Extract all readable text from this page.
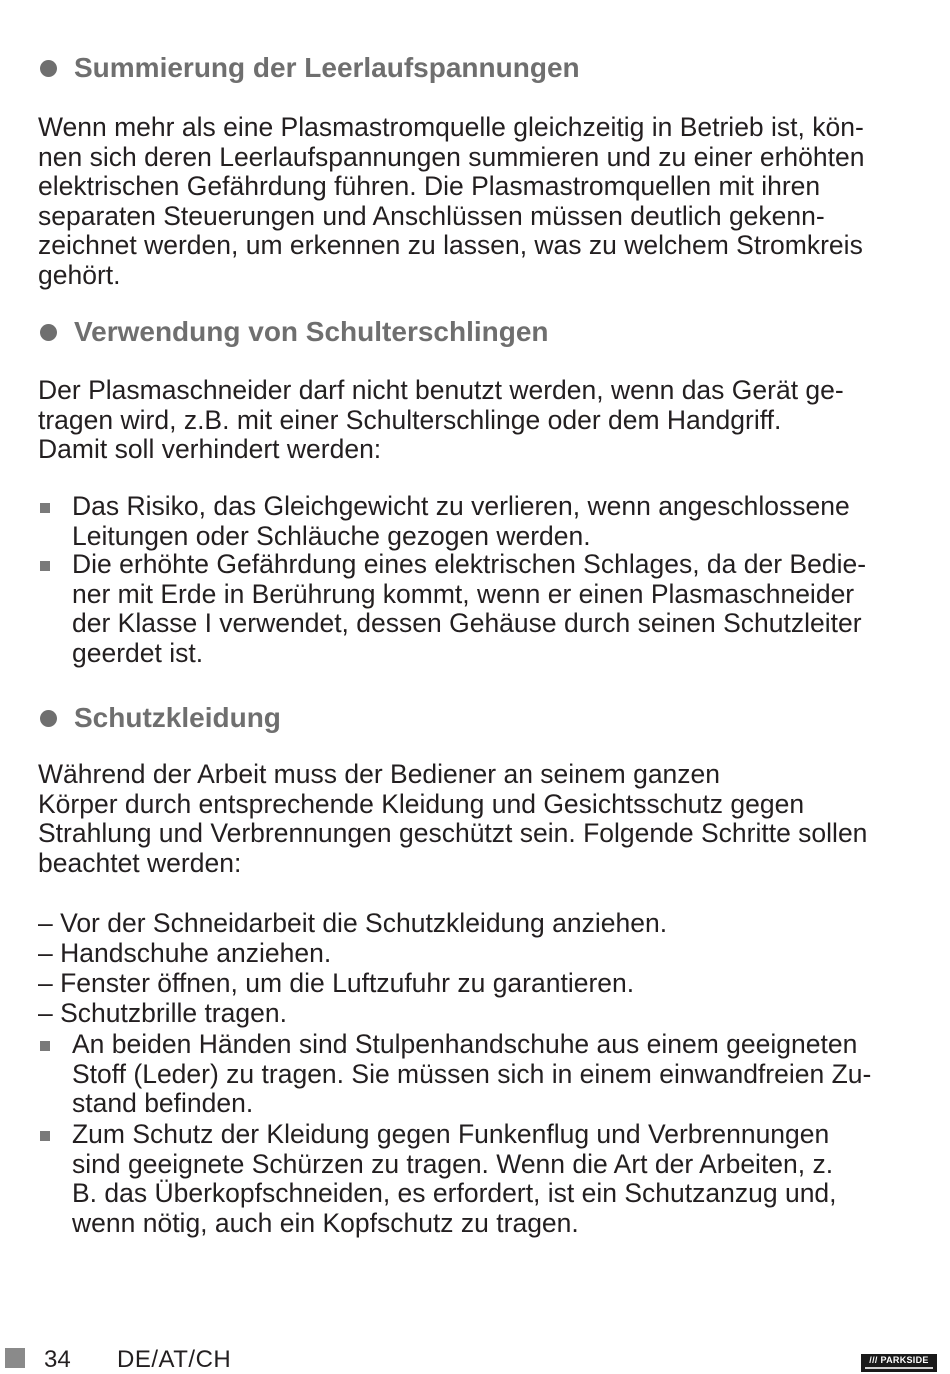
Summierung der Leerlaufspannungen
Wenn mehr als eine Plasmastromquelle gleichzeitig in Betrieb ist, kön-
nen sich deren Leerlaufspannungen summieren und zu einer erhöhten
elektrischen Gefährdung führen. Die Plasmastromquellen mit ihren
separaten Steuerungen und Anschlüssen müssen deutlich gekenn-
zeichnet werden, um erkennen zu lassen, was zu welchem Stromkreis
gehört.
Verwendung von Schulterschlingen
Der Plasmaschneider darf nicht benutzt werden, wenn das Gerät ge-
tragen wird, z.B. mit einer Schulterschlinge oder dem Handgriff.
Damit soll verhindert werden:
Das Risiko, das Gleichgewicht zu verlieren, wenn angeschlossene
Leitungen oder Schläuche gezogen werden.
Die erhöhte Gefährdung eines elektrischen Schlages, da der Bedie-
ner mit Erde in Berührung kommt, wenn er einen Plasmaschneider
der Klasse I verwendet, dessen Gehäuse durch seinen Schutzleiter
geerdet ist.
Schutzkleidung
Während der Arbeit muss der Bediener an seinem ganzen
Körper durch entsprechende Kleidung und Gesichtsschutz gegen
Strahlung und Verbrennungen geschützt sein. Folgende Schritte sollen
beachtet werden:
– Vor der Schneidarbeit die Schutzkleidung anziehen.
– Handschuhe anziehen.
– Fenster öffnen, um die Luftzufuhr zu garantieren.
– Schutzbrille tragen.
An beiden Händen sind Stulpenhandschuhe aus einem geeigneten
Stoff (Leder) zu tragen. Sie müssen sich in einem einwandfreien Zu-
stand befinden.
Zum Schutz der Kleidung gegen Funkenflug und Verbrennungen
sind geeignete Schürzen zu tragen. Wenn die Art der Arbeiten, z.
B. das Überkopfschneiden, es erfordert, ist ein Schutzanzug und,
wenn nötig, auch ein Kopfschutz zu tragen.
34 DE/AT/CH	/// PARKSIDE
